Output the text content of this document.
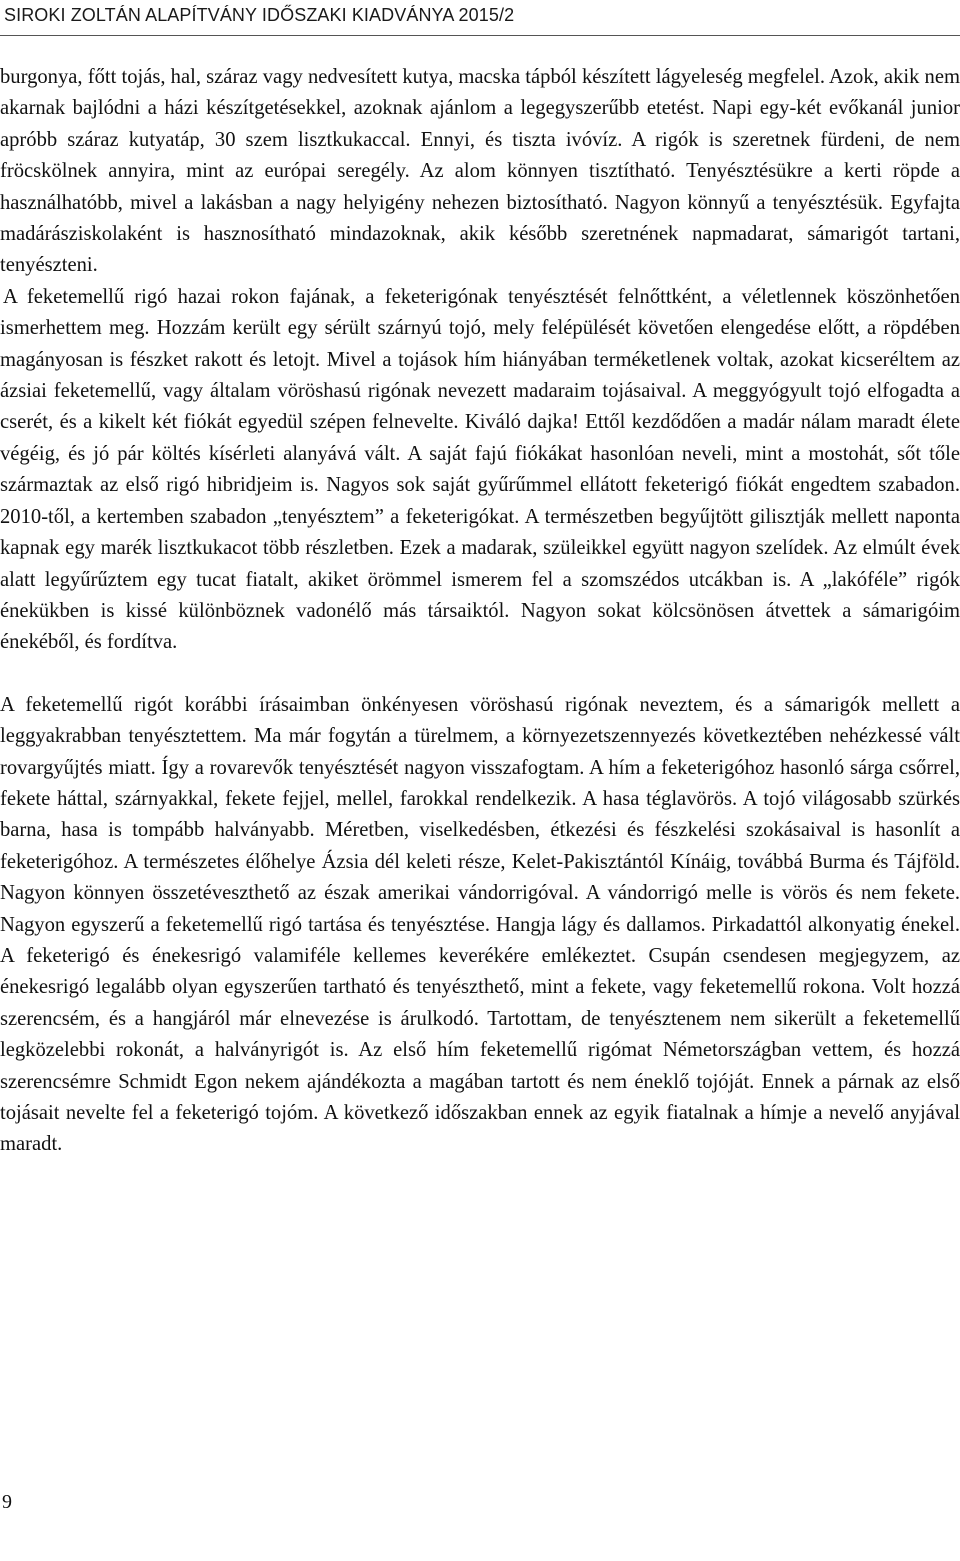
SIROKI ZOLTÁN ALAPÍTVÁNY IDŐSZAKI KIADVÁNYA 2015/2

burgonya, főtt tojás, hal, száraz vagy nedvesített kutya, macska tápból készített lágyeleség megfelel. Azok, akik nem akarnak bajlódni a házi készítgetésekkel, azoknak ajánlom a legegyszerűbb etetést. Napi egy-két evőkanál junior apróbb száraz kutyatáp, 30 szem lisztkukaccal. Ennyi, és tiszta ivóvíz. A rigók is szeretnek fürdeni, de nem fröcskölnek annyira, mint az európai seregély. Az alom könnyen tisztítható. Tenyésztésükre a kerti röpde a használhatóbb, mivel a lakásban a nagy helyigény nehezen biztosítható. Nagyon könnyű a tenyésztésük. Egyfajta madárásziskolaként is hasznosítható mindazoknak, akik később szeretnének napmadarat, sámarigót tartani, tenyészteni.

A feketemellű rigó hazai rokon fajának, a feketerigónak tenyésztését felnőttként, a véletlennek köszönhetően ismerhettem meg. Hozzám került egy sérült szárnyú tojó, mely felépülését követően elengedése előtt, a röpdében magányosan is fészket rakott és letojt. Mivel a tojások hím hiányában terméketlenek voltak, azokat kicseréltem az ázsiai feketemellű, vagy általam vöröshasú rigónak nevezett madaraim tojásaival. A meggyógyult tojó elfogadta a cserét, és a kikelt két fiókát egyedül szépen felnevelte. Kiváló dajka! Ettől kezdődően a madár nálam maradt élete végéig, és jó pár költés kísérleti alanyává vált. A saját fajú fiókákat hasonlóan neveli, mint a mostohát, sőt tőle származtak az első rigó hibridjeim is. Nagyos sok saját gyűrűmmel ellátott feketerigó fiókát engedtem szabadon. 2010-től, a kertemben szabadon „tenyésztem” a feketerigókat. A természetben begyűjtött gilisztják mellett naponta kapnak egy marék lisztkukacot több részletben. Ezek a madarak, szüleikkel együtt nagyon szelídek. Az elmúlt évek alatt legyűrűztem egy tucat fiatalt, akiket örömmel ismerem fel a szomszédos utcákban is. A „lakóféle” rigók énekükben is kissé különböznek vadonélő más társaiktól. Nagyon sokat kölcsönösen átvettek a sámarigóim énekéből, és fordítva.

A feketemellű rigót korábbi írásaimban önkényesen vöröshasú rigónak neveztem, és a sámarigók mellett a leggyakrabban tenyésztettem. Ma már fogytán a türelmem, a környezetszennyezés következtében nehézkessé vált rovargyűjtés miatt. Így a rovarevők tenyésztését nagyon visszafogtam. A hím a feketerigóhoz hasonló sárga csőrrel, fekete háttal, szárnyakkal, fekete fejjel, mellel, farokkal rendelkezik. A hasa téglavörös. A tojó világosabb szürkés barna, hasa is tompább halványabb. Méretben, viselkedésben, étkezési és fészkelési szokásaival is hasonlít a feketerigóhoz. A természetes élőhelye Ázsia dél keleti része, Kelet-Pakisztántól Kínáig, továbbá Burma és Tájföld. Nagyon könnyen összetéveszthető az észak amerikai vándorrigóval. A vándorrigó melle is vörös és nem fekete. Nagyon egyszerű a feketemellű rigó tartása és tenyésztése. Hangja lágy és dallamos. Pirkadattól alkonyatig énekel. A feketerigó és énekesrigó valamiféle kellemes keverékére emlékeztet. Csupán csendesen megjegyzem, az énekesrigó legalább olyan egyszerűen tartható és tenyészthető, mint a fekete, vagy feketemellű rokona. Volt hozzá szerencsém, és a hangjáról már elnevezése is árulkodó. Tartottam, de tenyésztenem nem sikerült a feketemellű legközelebbi rokonát, a halványrigót is. Az első hím feketemellű rigómat Németországban vettem, és hozzá szerencsémre Schmidt Egon nekem ajándékozta a magában tartott és nem éneklő tojóját. Ennek a párnak az első tojásait nevelte fel a feketerigó tojóm. A következő időszakban ennek az egyik fiatalnak a hímje a nevelő anyjával maradt.

9
